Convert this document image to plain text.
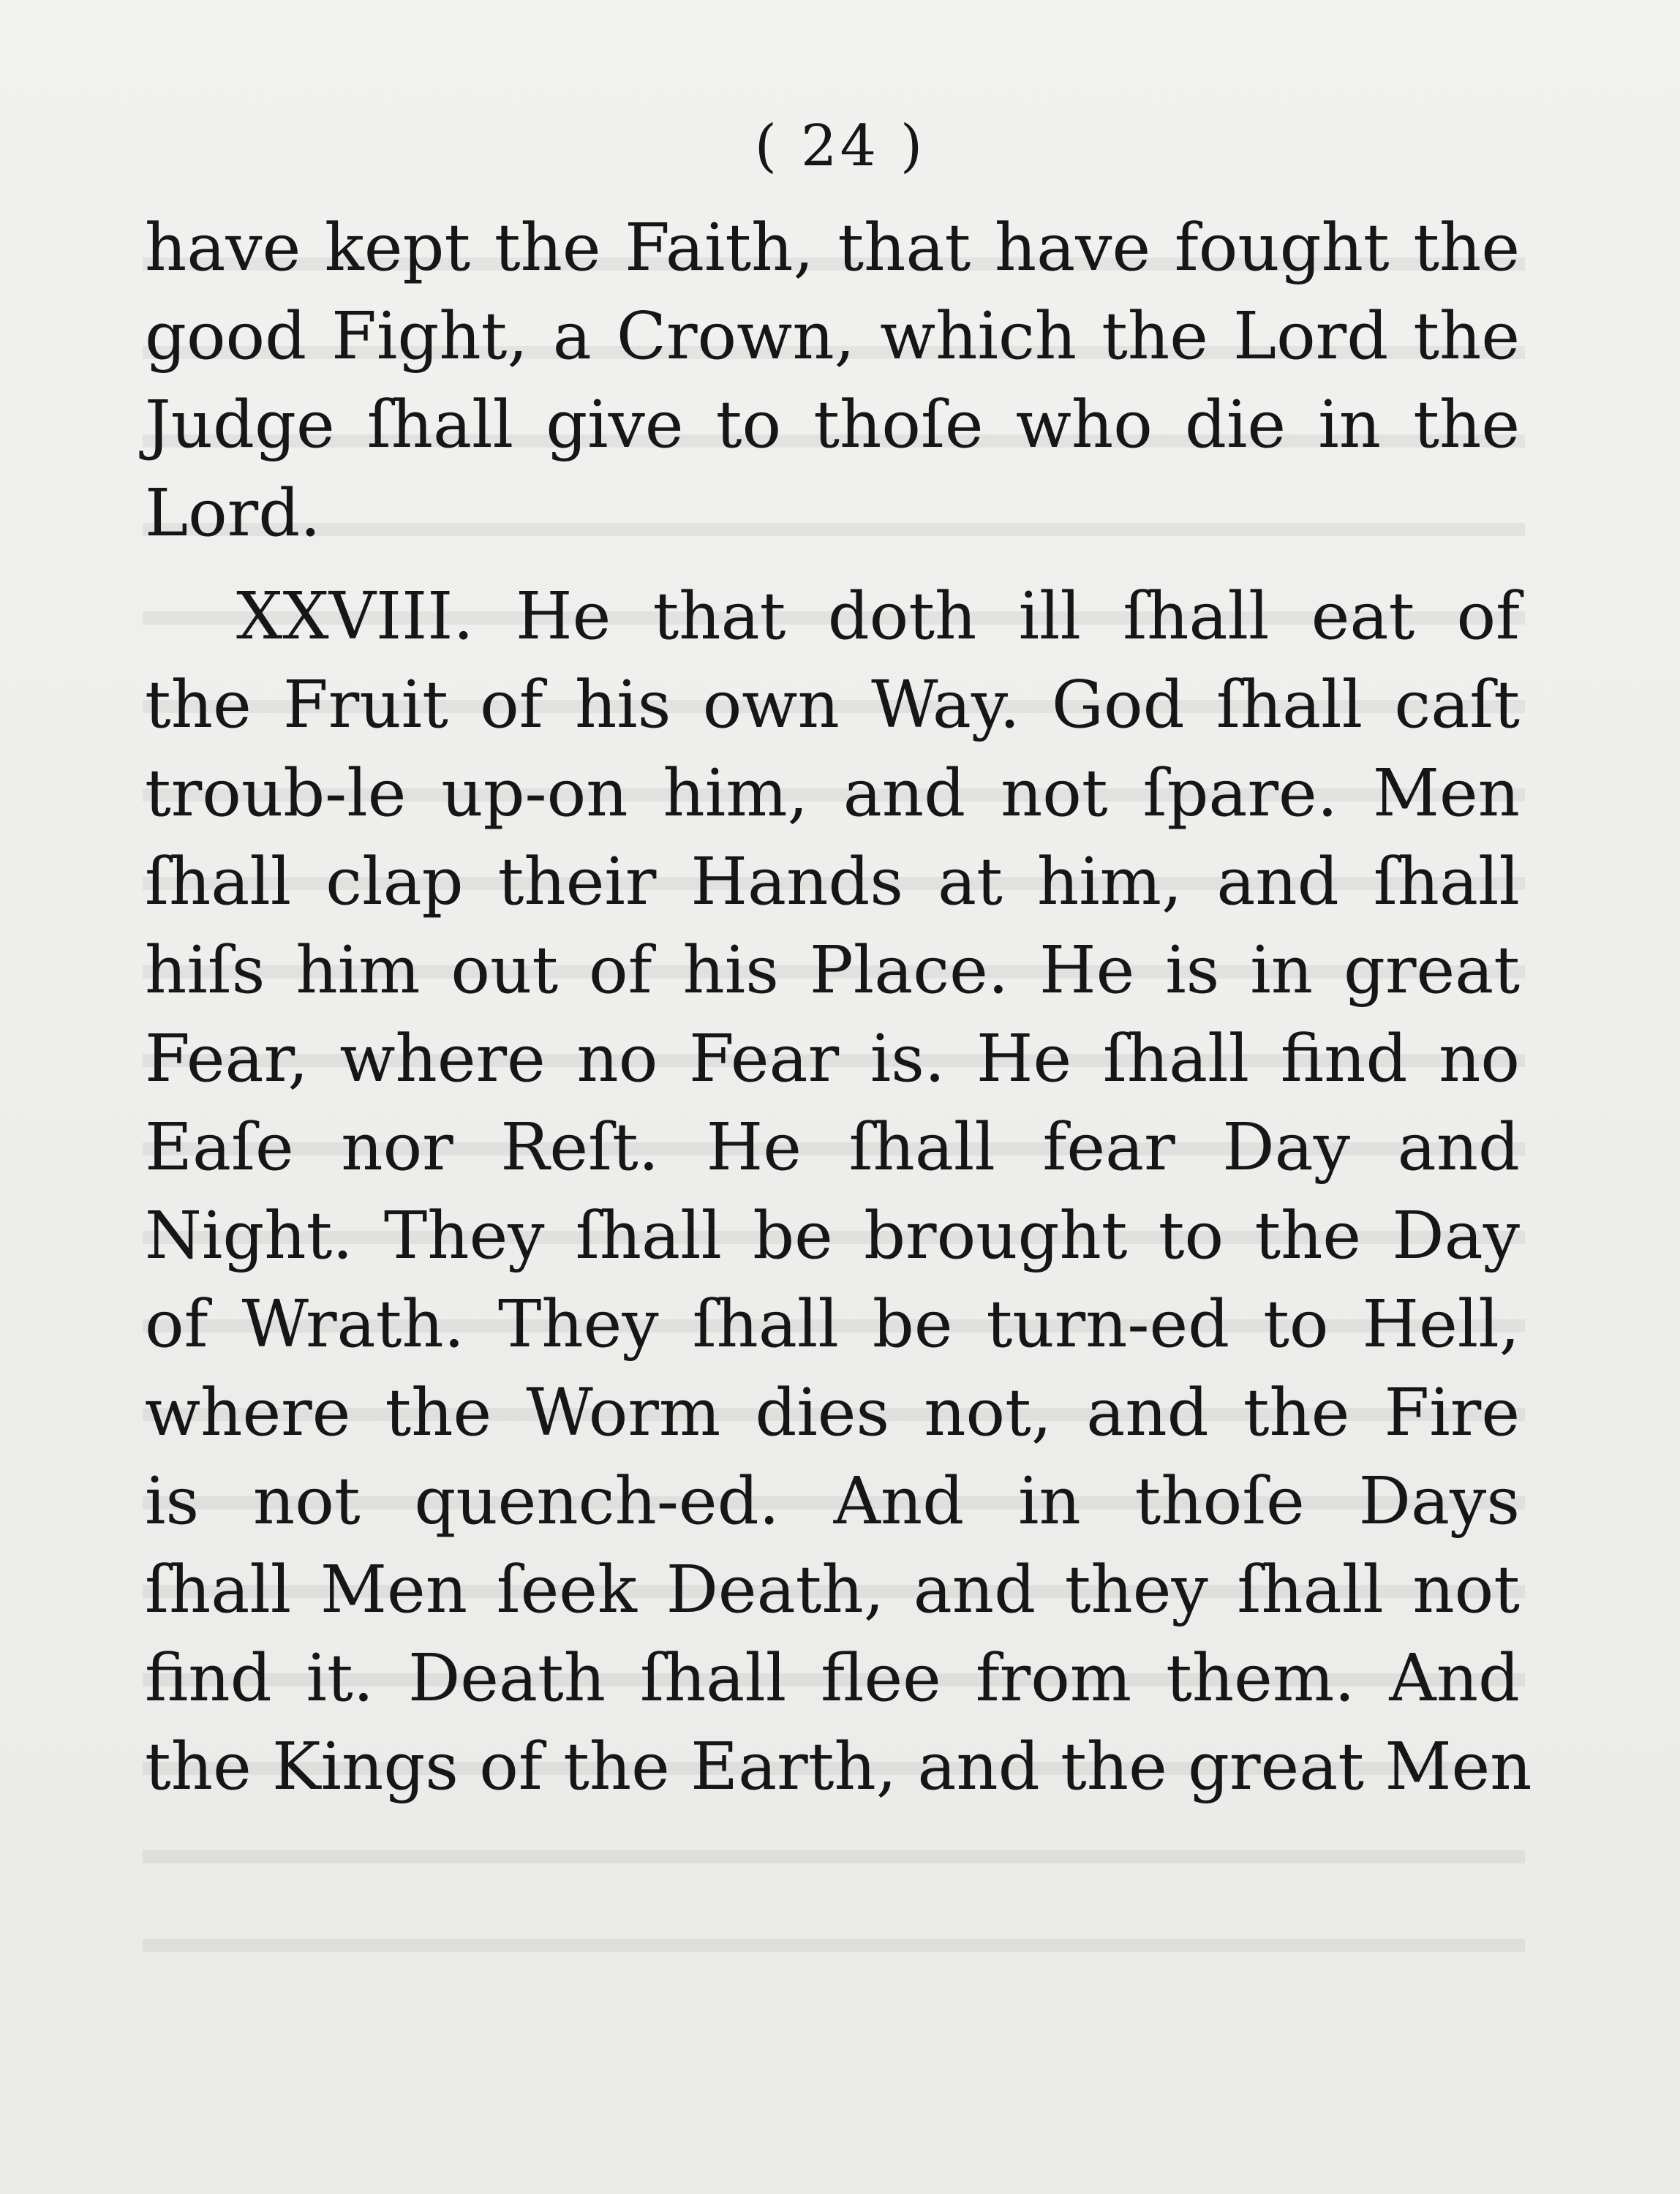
( 24 )
have kept the Faith, that have fought the
good Fight, a Crown, which the Lord the
Judge ſhall give to thoſe who die in the
Lord.
XXVIII. He that doth ill ſhall eat of
the Fruit of his own Way. God ſhall caſt
troub-le up-on him, and not ſpare. Men
ſhall clap their Hands at him, and ſhall
hiſs him out of his Place. He is in great
Fear, where no Fear is. He ſhall find no
Eaſe nor Reſt. He ſhall fear Day and
Night. They ſhall be brought to the Day
of Wrath. They ſhall be turn-ed to Hell,
where the Worm dies not, and the Fire
is not quench-ed. And in thoſe Days
ſhall Men ſeek Death, and they ſhall not
find it. Death ſhall flee from them. And
the Kings of the Earth, and the great Men
